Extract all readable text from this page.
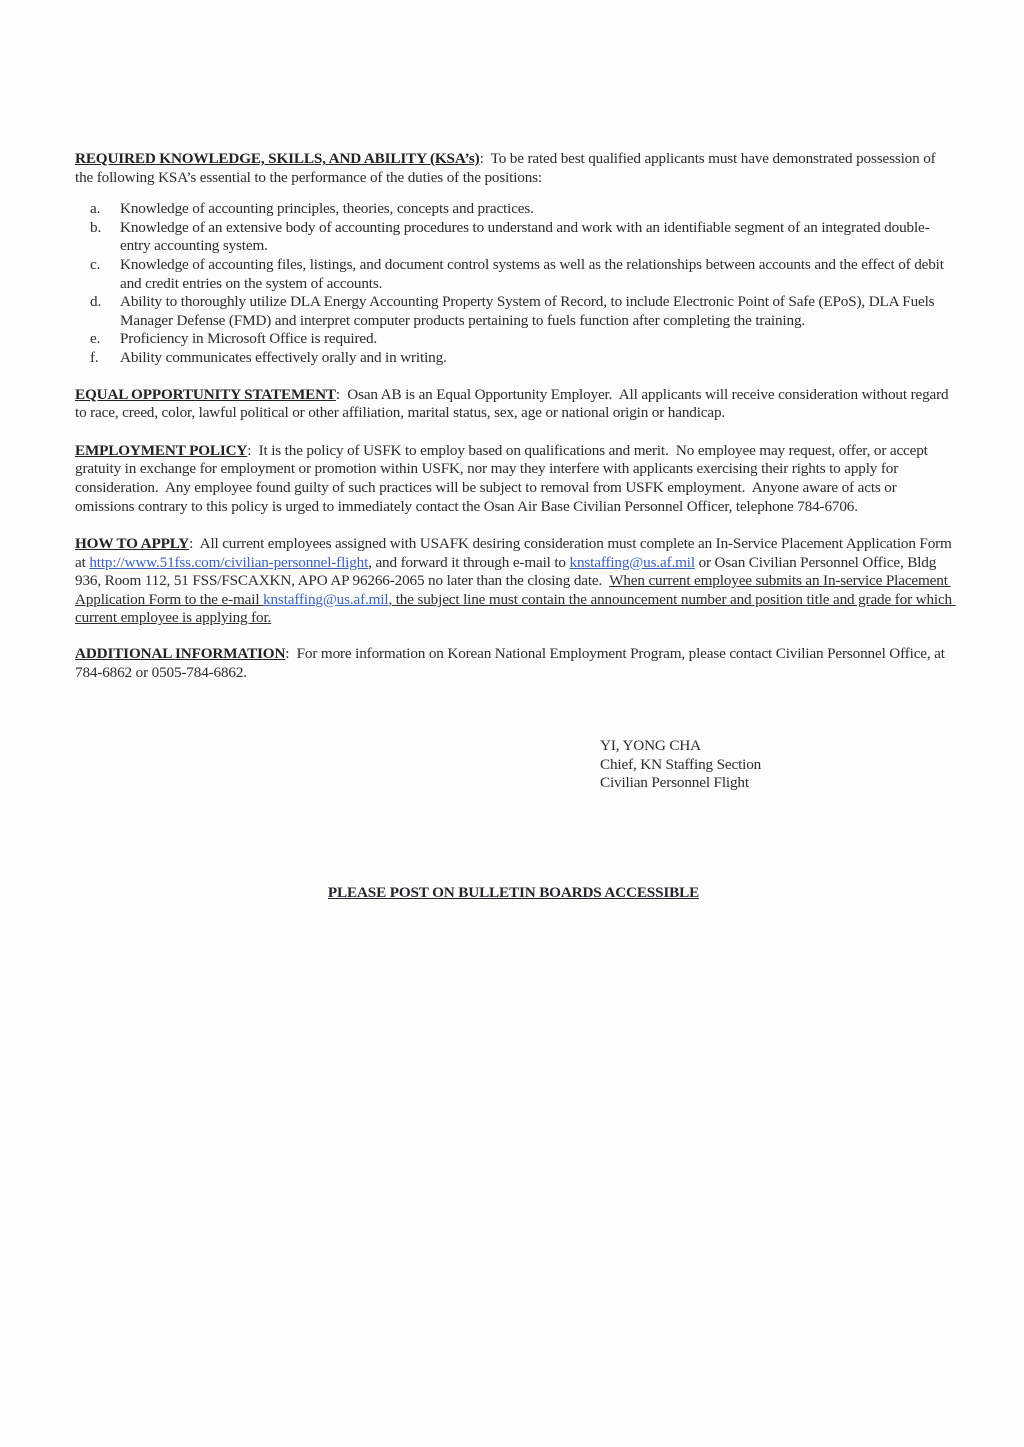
REQUIRED KNOWLEDGE, SKILLS, AND ABILITY (KSA’s):  To be rated best qualified applicants must have demonstrated possession of the following KSA’s essential to the performance of the duties of the positions:

a.	Knowledge of accounting principles, theories, concepts and practices.
b.	Knowledge of an extensive body of accounting procedures to understand and work with an identifiable segment of an integrated double-entry accounting system.
c.	Knowledge of accounting files, listings, and document control systems as well as the relationships between accounts and the effect of debit and credit entries on the system of accounts.
d.	Ability to thoroughly utilize DLA Energy Accounting Property System of Record, to include Electronic Point of Safe (EPoS), DLA Fuels Manager Defense (FMD) and interpret computer products pertaining to fuels function after completing the training.
e.	Proficiency in Microsoft Office is required.
f.	Ability communicates effectively orally and in writing.

EQUAL OPPORTUNITY STATEMENT:  Osan AB is an Equal Opportunity Employer.  All applicants will receive consideration without regard to race, creed, color, lawful political or other affiliation, marital status, sex, age or national origin or handicap.

EMPLOYMENT POLICY:  It is the policy of USFK to employ based on qualifications and merit.  No employee may request, offer, or accept gratuity in exchange for employment or promotion within USFK, nor may they interfere with applicants exercising their rights to apply for consideration.  Any employee found guilty of such practices will be subject to removal from USFK employment.  Anyone aware of acts or omissions contrary to this policy is urged to immediately contact the Osan Air Base Civilian Personnel Officer, telephone 784-6706.

HOW TO APPLY:  All current employees assigned with USAFK desiring consideration must complete an In-Service Placement Application Form at http://www.51fss.com/civilian-personnel-flight, and forward it through e-mail to knstaffing@us.af.mil or Osan Civilian Personnel Office, Bldg 936, Room 112, 51 FSS/FSCAXKN, APO AP 96266-2065 no later than the closing date.  When current employee submits an In-service Placement Application Form to the e-mail knstaffing@us.af.mil, the subject line must contain the announcement number and position title and grade for which current employee is applying for.

ADDITIONAL INFORMATION:  For more information on Korean National Employment Program, please contact Civilian Personnel Office, at 784-6862 or 0505-784-6862.

YI, YONG CHA
Chief, KN Staffing Section
Civilian Personnel Flight
PLEASE POST ON BULLETIN BOARDS ACCESSIBLE
